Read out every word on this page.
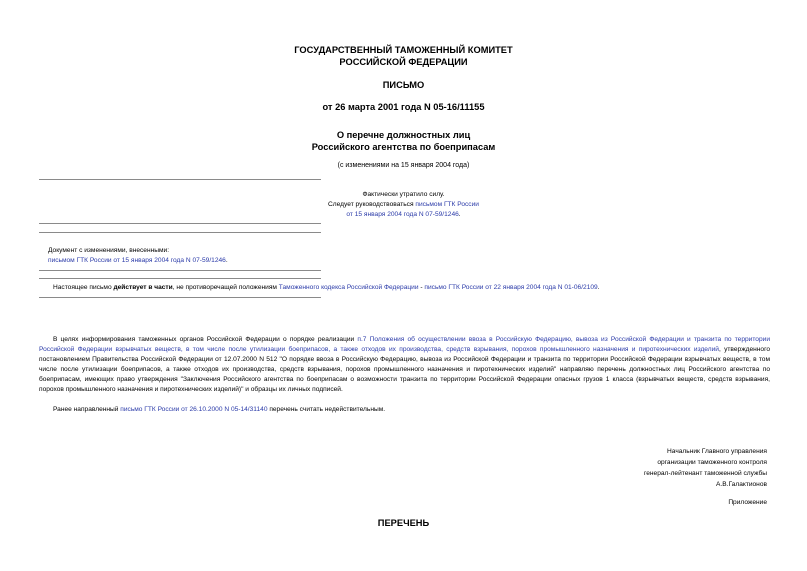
ГОСУДАРСТВЕННЫЙ ТАМОЖЕННЫЙ КОМИТЕТ
РОССИЙСКОЙ ФЕДЕРАЦИИ
ПИСЬМО
от 26 марта 2001 года N 05-16/11155
О перечне должностных лиц
Российского агентства по боеприпасам
(с изменениями на 15 января 2004 года)
Фактически утратило силу.
Следует руководствоваться письмом ГТК России
от 15 января 2004 года N 07-59/1246.
Документ с изменениями, внесенными:
письмом ГТК России от 15 января 2004 года N 07-59/1246.
Настоящее письмо действует в части, не противоречащей положениям Таможенного кодекса Российской Федерации - письмо ГТК России от 22 января 2004 года N 01-06/2109.
В целях информирования таможенных органов Российской Федерации о порядке реализации п.7 Положения об осуществлении ввоза в Российскую Федерацию, вывоза из Российской Федерации и транзита по территории Российской Федерации взрывчатых веществ, в том числе после утилизации боеприпасов, а также отходов их производства, средств взрывания, порохов промышленного назначения и пиротехнических изделий, утвержденного постановлением Правительства Российской Федерации от 12.07.2000 N 512 "О порядке ввоза в Российскую Федерацию, вывоза из Российской Федерации и транзита по территории Российской Федерации взрывчатых веществ, в том числе после утилизации боеприпасов, а также отходов их производства, средств взрывания, порохов промышленного назначения и пиротехнических изделий" направляю перечень должностных лиц Российского агентства по боеприпасам, имеющих право утверждения "Заключения Российского агентства по боеприпасам о возможности транзита по территории Российской Федерации опасных грузов 1 класса (взрывчатых веществ, средств взрывания, порохов промышленного назначения и пиротехнических изделий)" и образцы их личных подписей.
Ранее направленный письмо ГТК России от 26.10.2000 N 05-14/31140 перечень считать недействительным.
Начальник Главного управления
организации таможенного контроля
генерал-лейтенант таможенной службы
А.В.Галактионов
Приложение
ПЕРЕЧЕНЬ
